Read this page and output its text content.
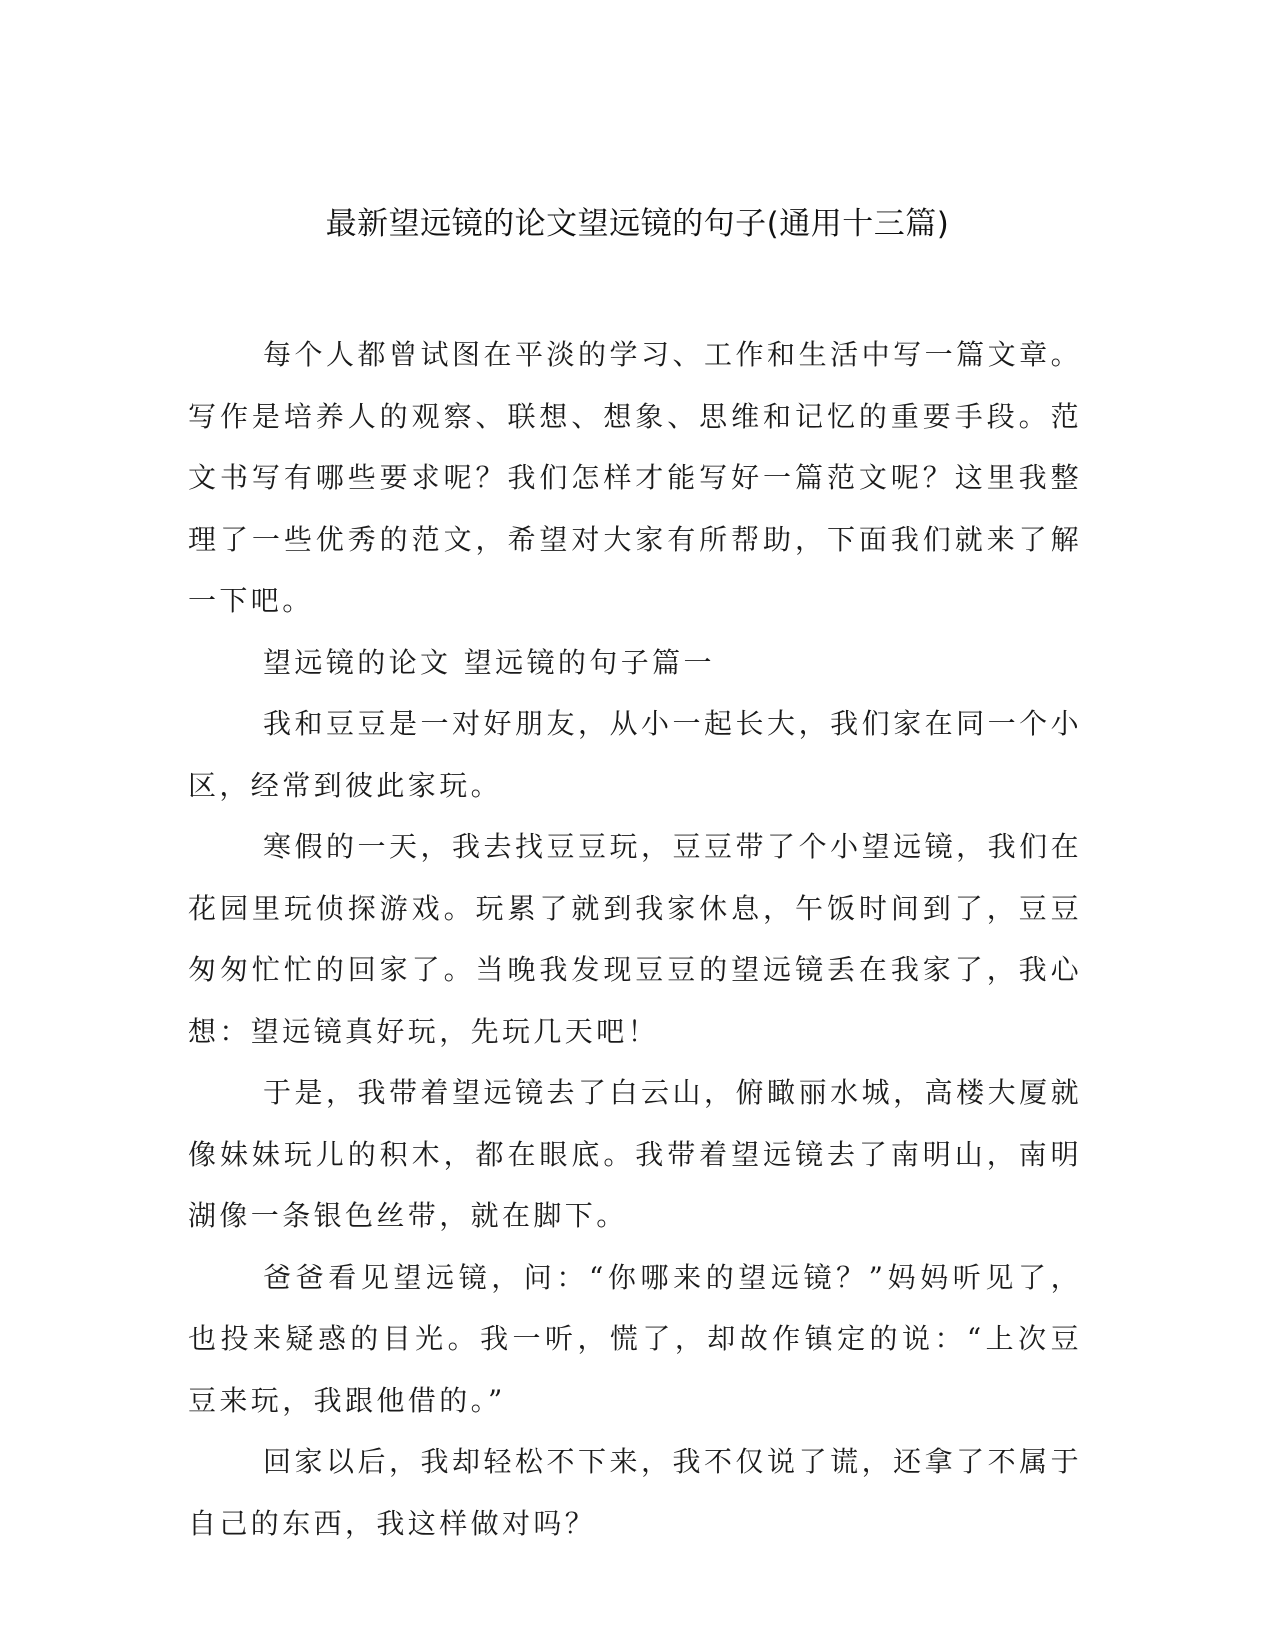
最新望远镜的论文望远镜的句子(通用十三篇)

每个人都曾试图在平淡的学习、工作和生活中写一篇文章。写作是培养人的观察、联想、想象、思维和记忆的重要手段。范文书写有哪些要求呢？我们怎样才能写好一篇范文呢？这里我整理了一些优秀的范文，希望对大家有所帮助，下面我们就来了解一下吧。

望远镜的论文 望远镜的句子篇一

我和豆豆是一对好朋友，从小一起长大，我们家在同一个小区，经常到彼此家玩。

寒假的一天，我去找豆豆玩，豆豆带了个小望远镜，我们在花园里玩侦探游戏。玩累了就到我家休息，午饭时间到了，豆豆匆匆忙忙的回家了。当晚我发现豆豆的望远镜丢在我家了，我心想：望远镜真好玩，先玩几天吧！

于是，我带着望远镜去了白云山，俯瞰丽水城，高楼大厦就像妹妹玩儿的积木，都在眼底。我带着望远镜去了南明山，南明湖像一条银色丝带，就在脚下。

爸爸看见望远镜，问：“你哪来的望远镜？”妈妈听见了，也投来疑惑的目光。我一听，慌了，却故作镇定的说：“上次豆豆来玩，我跟他借的。”

回家以后，我却轻松不下来，我不仅说了谎，还拿了不属于自己的东西，我这样做对吗？
